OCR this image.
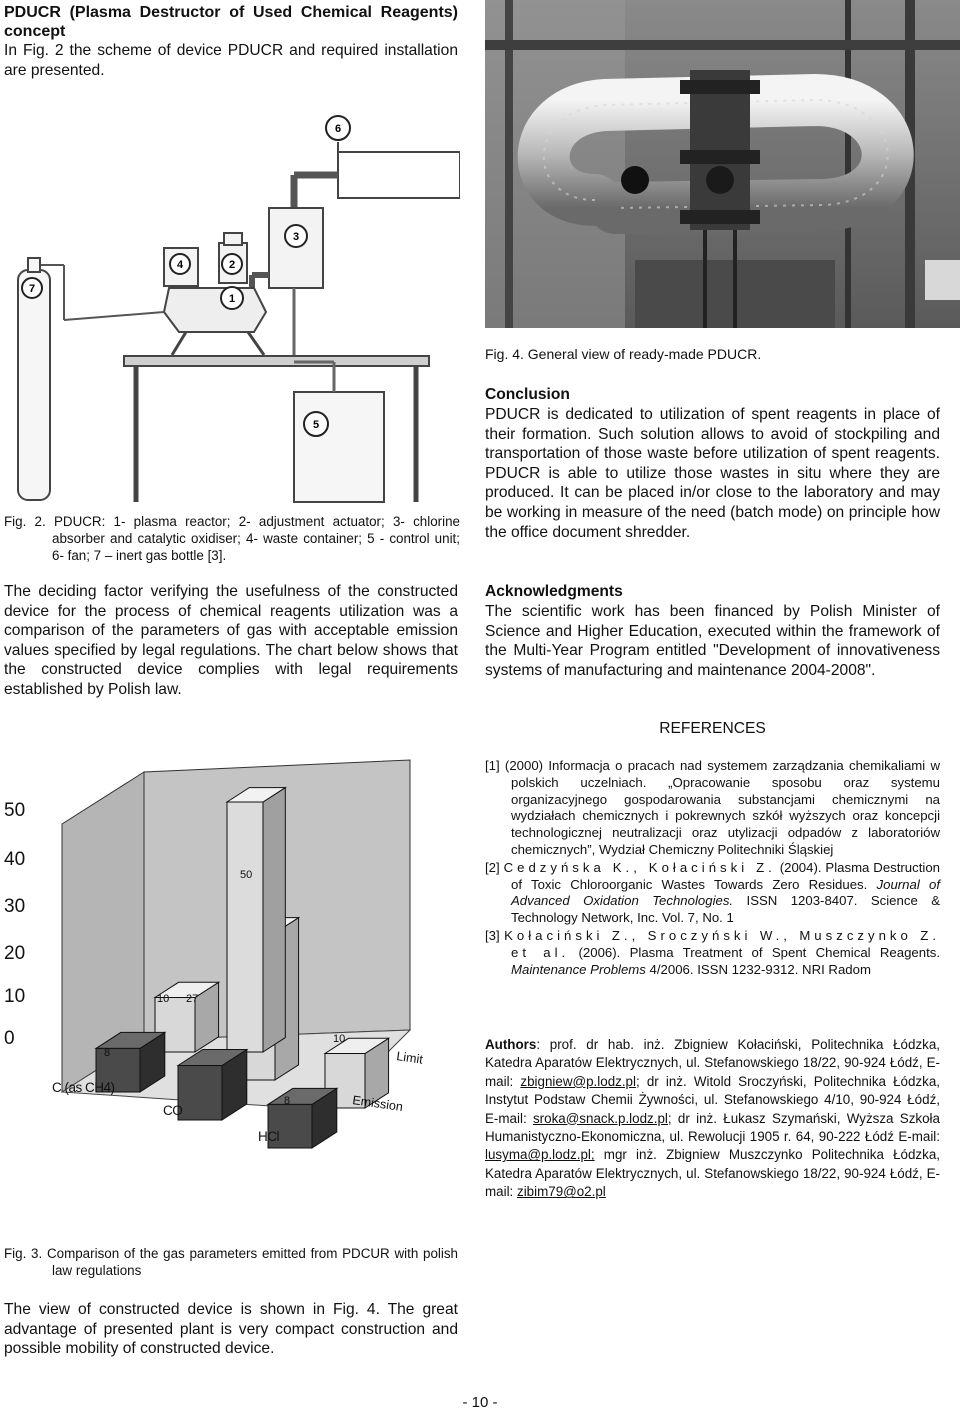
PDUCR (Plasma Destructor of Used Chemical Reagents) concept
In Fig. 2 the scheme of device PDUCR and required installation are presented.
6
3
4	2
1
7
5
Fig. 2. PDUCR: 1- plasma reactor; 2- adjustment actuator; 3- chlorine absorber and catalytic oxidiser; 4- waste container; 5 - control unit; 6- fan; 7 – inert gas bottle [3].
The deciding factor verifying the usefulness of the constructed device for the process of chemical reagents utilization was a comparison of the parameters of gas with acceptable emission values specified by legal regulations. The chart below shows that the constructed device complies with legal requirements established by Polish law.
50
40
30
20
10
0
8
27
10
10
8
50
C (as CH4)
CO
HCl
Emission
Limit
Fig. 3. Comparison of the gas parameters emitted from PDCUR with polish law regulations
The view of constructed device is shown in Fig. 4. The great advantage of presented plant is very compact construction and possible mobility of constructed device.
Fig. 4. General view of ready-made PDUCR.
Conclusion
PDUCR is dedicated to utilization of spent reagents in place of their formation. Such solution allows to avoid of stockpiling and transportation of those waste before utilization of spent reagents. PDUCR is able to utilize those wastes in situ where they are produced. It can be placed in/or close to the laboratory and may be working in measure of the need (batch mode) on principle how the office document shredder.
Acknowledgments
The scientific work has been financed by Polish Minister of Science and Higher Education, executed within the framework of the Multi-Year Program entitled "Development of innovativeness systems of manufacturing and maintenance 2004-2008".
REFERENCES
[1] (2000) Informacja o pracach nad systemem zarządzania chemikaliami w polskich uczelniach. „Opracowanie sposobu oraz systemu organizacyjnego gospodarowania substancjami chemicznymi na wydziałach chemicznych i pokrewnych szkół wyższych oraz koncepcji technologicznej neutralizacji oraz utylizacji odpadów z laboratoriów chemicznych”, Wydział Chemiczny Politechniki Śląskiej
[2] Cedzyńska K., Kołaciński Z. (2004). Plasma Destruction of Toxic Chloroorganic Wastes Towards Zero Residues. Journal of Advanced Oxidation Technologies. ISSN 1203-8407. Science & Technology Network, Inc. Vol. 7, No. 1
[3] Kołaciński Z., Sroczyński W., Muszczynko Z. et al. (2006). Plasma Treatment of Spent Chemical Reagents. Maintenance Problems 4/2006. ISSN 1232-9312. NRI Radom
Authors: prof. dr hab. inż. Zbigniew Kołaciński, Politechnika Łódzka, Katedra Aparatów Elektrycznych, ul. Stefanowskiego 18/22, 90-924 Łódź, E-mail: zbigniew@p.lodz.pl; dr inż. Witold Sroczyński, Politechnika Łódzka, Instytut Podstaw Chemii Żywności, ul. Stefanowskiego 4/10, 90-924 Łódź, E-mail: sroka@snack.p.lodz.pl; dr inż. Łukasz Szymański, Wyższa Szkoła Humanistyczno-Ekonomiczna, ul. Rewolucji 1905 r. 64, 90-222 Łódź E-mail: lusyma@p.lodz.pl; mgr inż. Zbigniew Muszczynko Politechnika Łódzka, Katedra Aparatów Elektrycznych, ul. Stefanowskiego 18/22, 90-924 Łódź, E-mail: zibim79@o2.pl
- 10 -
